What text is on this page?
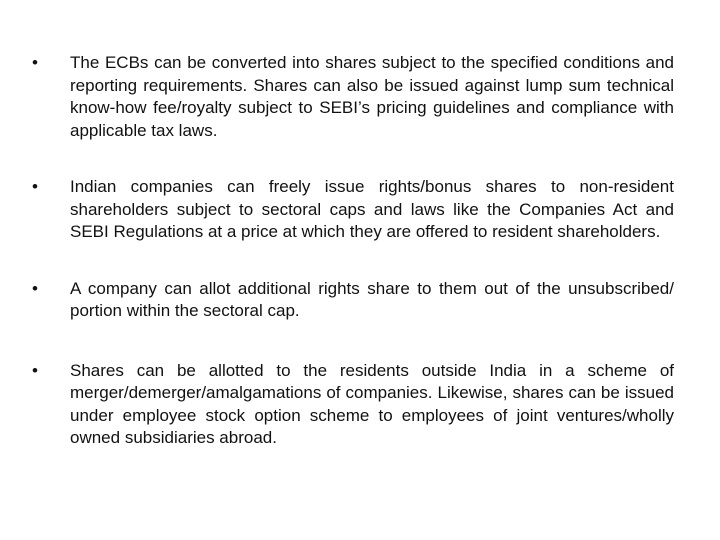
• The ECBs can be converted into shares subject to the specified conditions and reporting requirements. Shares can also be issued against lump sum technical know-how fee/royalty subject to SEBI’s pricing guidelines and compliance with applicable tax laws.
• Indian companies can freely issue rights/bonus shares to non-resident shareholders subject to sectoral caps and laws like the Companies Act and SEBI Regulations at a price at which they are offered to resident shareholders.
• A company can allot additional rights share to them out of the unsubscribed/ portion within the sectoral cap.
• Shares can be allotted to the residents outside India in a scheme of merger/demerger/amalgamations of companies. Likewise, shares can be issued under employee stock option scheme to employees of joint ventures/wholly owned subsidiaries abroad.
